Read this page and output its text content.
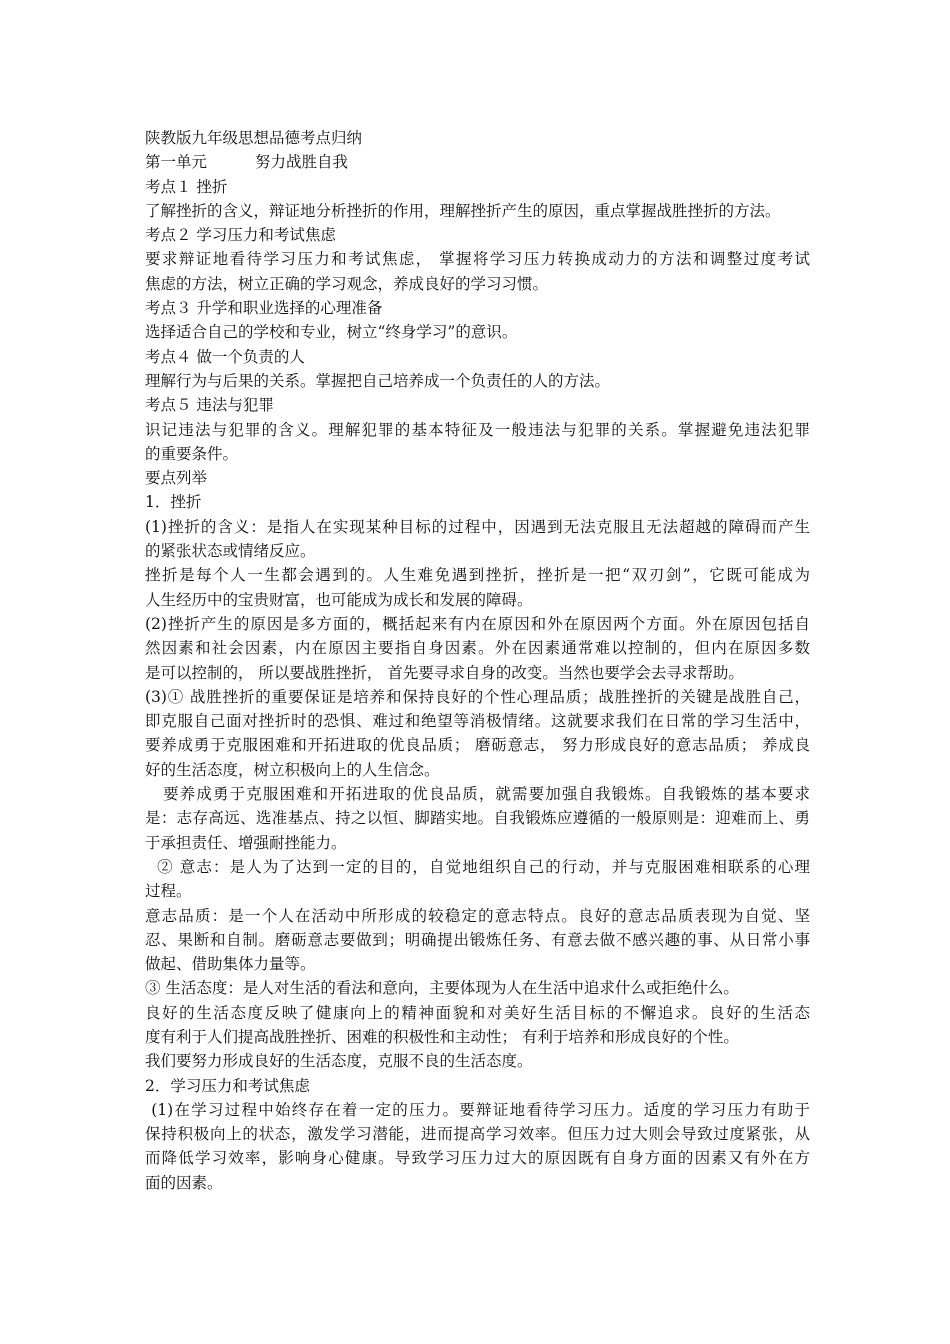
陕教版九年级思想品德考点归纳

第一单元	努力战胜自我

考点１ 挫折

了解挫折的含义，辩证地分析挫折的作用，理解挫折产生的原因，重点掌握战胜挫折的方法。

考点２ 学习压力和考试焦虑

要求辩证地看待学习压力和考试焦虑， 掌握将学习压力转换成动力的方法和调整过度考试

焦虑的方法，树立正确的学习观念，养成良好的学习习惯。

考点３ 升学和职业选择的心理准备

选择适合自己的学校和专业，树立“终身学习”的意识。

考点４ 做一个负责的人

理解行为与后果的关系。掌握把自己培养成一个负责任的人的方法。

考点５ 违法与犯罪

识记违法与犯罪的含义。理解犯罪的基本特征及一般违法与犯罪的关系。掌握避免违法犯罪

的重要条件。

要点列举

1．挫折

(1)挫折的含义：是指人在实现某种目标的过程中，因遇到无法克服且无法超越的障碍而产生

的紧张状态或情绪反应。

挫折是每个人一生都会遇到的。人生难免遇到挫折，挫折是一把“双刃剑”，它既可能成为

人生经历中的宝贵财富，也可能成为成长和发展的障碍。

(2)挫折产生的原因是多方面的，概括起来有内在原因和外在原因两个方面。外在原因包括自

然因素和社会因素，内在原因主要指自身因素。外在因素通常难以控制的，但内在原因多数

是可以控制的， 所以要战胜挫折， 首先要寻求自身的改变。当然也要学会去寻求帮助。

(3)① 战胜挫折的重要保证是培养和保持良好的个性心理品质；战胜挫折的关键是战胜自己，

即克服自己面对挫折时的恐惧、难过和绝望等消极情绪。这就要求我们在日常的学习生活中，

要养成勇于克服困难和开拓进取的优良品质； 磨砺意志， 努力形成良好的意志品质； 养成良

好的生活态度，树立积极向上的人生信念。

要养成勇于克服困难和开拓进取的优良品质，就需要加强自我锻炼。自我锻炼的基本要求

是：志存高远、选准基点、持之以恒、脚踏实地。自我锻炼应遵循的一般原则是：迎难而上、勇

于承担责任、增强耐挫能力。

② 意志：是人为了达到一定的目的，自觉地组织自己的行动，并与克服困难相联系的心理

过程。

意志品质：是一个人在活动中所形成的较稳定的意志特点。良好的意志品质表现为自觉、坚

忍、果断和自制。磨砺意志要做到；明确提出锻炼任务、有意去做不感兴趣的事、从日常小事

做起、借助集体力量等。

③ 生活态度：是人对生活的看法和意向，主要体现为人在生活中追求什么或拒绝什么。

良好的生活态度反映了健康向上的精神面貌和对美好生活目标的不懈追求。良好的生活态

度有利于人们提高战胜挫折、困难的积极性和主动性； 有利于培养和形成良好的个性。

我们要努力形成良好的生活态度，克服不良的生活态度。

2．学习压力和考试焦虑

(1)在学习过程中始终存在着一定的压力。要辩证地看待学习压力。适度的学习压力有助于

保持积极向上的状态，激发学习潜能，进而提高学习效率。但压力过大则会导致过度紧张，从

而降低学习效率，影响身心健康。导致学习压力过大的原因既有自身方面的因素又有外在方

面的因素。
